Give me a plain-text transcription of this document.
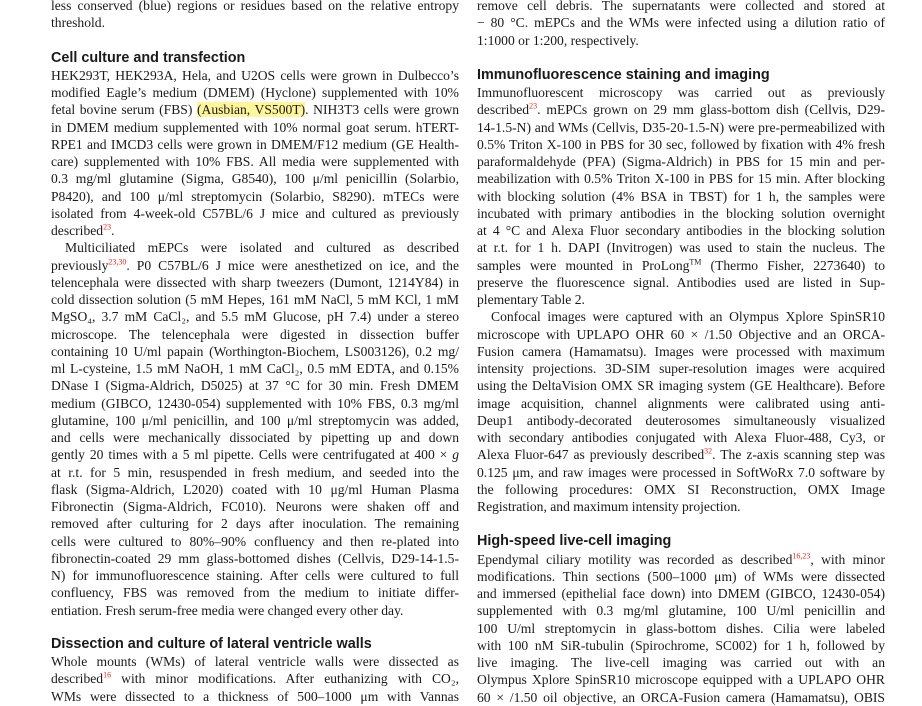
less conserved (blue) regions or residues based on the relative entropy
threshold.
Cell culture and transfection
HEK293T, HEK293A, Hela, and U2OS cells were grown in Dulbecco’s
modified Eagle’s medium (DMEM) (Hyclone) supplemented with 10%
fetal bovine serum (FBS) (Ausbian, VS500T). NIH3T3 cells were grown
in DMEM medium supplemented with 10% normal goat serum. hTERT-
RPE1 and IMCD3 cells were grown in DMEM/F12 medium (GE Health-
care) supplemented with 10% FBS. All media were supplemented with
0.3 mg/ml glutamine (Sigma, G8540), 100 μ/ml penicillin (Solarbio,
P8420), and 100 μ/ml streptomycin (Solarbio, S8290). mTECs were
isolated from 4-week-old C57BL/6 J mice and cultured as previously
described$^{23}$.
Multiciliated mEPCs were isolated and cultured as described
previously$^{23,30}$. P0 C57BL/6 J mice were anesthetized on ice, and the
telencephala were dissected with sharp tweezers (Dumont, 1214Y84) in
cold dissection solution (5 mM Hepes, 161 mM NaCl, 5 mM KCl, 1 mM
MgSO₄, 3.7 mM CaCl₂, and 5.5 mM Glucose, pH 7.4) under a stereo
microscope. The telencephala were digested in dissection buffer
containing 10 U/ml papain (Worthington-Biochem, LS003126), 0.2 mg/
ml L-cysteine, 1.5 mM NaOH, 1 mM CaCl₂, 0.5 mM EDTA, and 0.15%
DNase I (Sigma-Aldrich, D5025) at 37 °C for 30 min. Fresh DMEM
medium (GIBCO, 12430-054) supplemented with 10% FBS, 0.3 mg/ml
glutamine, 100 μ/ml penicillin, and 100 μ/ml streptomycin was added,
and cells were mechanically dissociated by pipetting up and down
gently 20 times with a 5 ml pipette. Cells were centrifugated at 400 × g
at r.t. for 5 min, resuspended in fresh medium, and seeded into the
flask (Sigma-Aldrich, L2020) coated with 10 μg/ml Human Plasma
Fibronectin (Sigma-Aldrich, FC010). Neurons were shaken off and
removed after culturing for 2 days after inoculation. The remaining
cells were cultured to 80%–90% confluency and then re-plated into
fibronectin-coated 29 mm glass-bottomed dishes (Cellvis, D29-14-1.5-
N) for immunofluorescence staining. After cells were cultured to full
confluency, FBS was removed from the medium to initiate differ-
entiation. Fresh serum-free media were changed every other day.
Dissection and culture of lateral ventricle walls
Whole mounts (WMs) of lateral ventricle walls were dissected as
described$^{16}$ with minor modifications. After euthanizing with CO₂,
WMs were dissected to a thickness of 500–1000 μm with Vannas
remove cell debris. The supernatants were collected and stored at
− 80 °C. mEPCs and the WMs were infected using a dilution ratio of
1:1000 or 1:200, respectively.
Immunofluorescence staining and imaging
Immunofluorescent microscopy was carried out as previously
described$^{23}$. mEPCs grown on 29 mm glass-bottom dish (Cellvis, D29-
14-1.5-N) and WMs (Cellvis, D35-20-1.5-N) were pre-permeabilized with
0.5% Triton X-100 in PBS for 30 sec, followed by fixation with 4% fresh
paraformaldehyde (PFA) (Sigma-Aldrich) in PBS for 15 min and per-
meabilization with 0.5% Triton X-100 in PBS for 15 min. After blocking
with blocking solution (4% BSA in TBST) for 1 h, the samples were
incubated with primary antibodies in the blocking solution overnight
at 4 °C and Alexa Fluor secondary antibodies in the blocking solution
at r.t. for 1 h. DAPI (Invitrogen) was used to stain the nucleus. The
samples were mounted in ProLong™ (Thermo Fisher, 2273640) to
preserve the fluorescence signal. Antibodies used are listed in Sup-
plementary Table 2.
Confocal images were captured with an Olympus Xplore SpinSR10
microscope with UPLAPO OHR 60 × /1.50 Objective and an ORCA-
Fusion camera (Hamamatsu). Images were processed with maximum
intensity projections. 3D-SIM super-resolution images were acquired
using the DeltaVision OMX SR imaging system (GE Healthcare). Before
image acquisition, channel alignments were calibrated using anti-
Deup1 antibody-decorated deuterosomes simultaneously visualized
with secondary antibodies conjugated with Alexa Fluor-488, Cy3, or
Alexa Fluor-647 as previously described$^{32}$. The z-axis scanning step was
0.125 μm, and raw images were processed in SoftWoRx 7.0 software by
the following procedures: OMX SI Reconstruction, OMX Image
Registration, and maximum intensity projection.
High-speed live-cell imaging
Ependymal ciliary motility was recorded as described$^{16,23}$, with minor
modifications. Thin sections (500–1000 μm) of WMs were dissected
and immersed (epithelial face down) into DMEM (GIBCO, 12430-054)
supplemented with 0.3 mg/ml glutamine, 100 U/ml penicillin and
100 U/ml streptomycin in glass-bottom dishes. Cilia were labeled
with 100 nM SiR-tubulin (Spirochrome, SC002) for 1 h, followed by
live imaging. The live-cell imaging was carried out with an
Olympus Xplore SpinSR10 microscope equipped with a UPLAPO OHR
60 × /1.50 oil objective, an ORCA-Fusion camera (Hamamatsu), OBIS
